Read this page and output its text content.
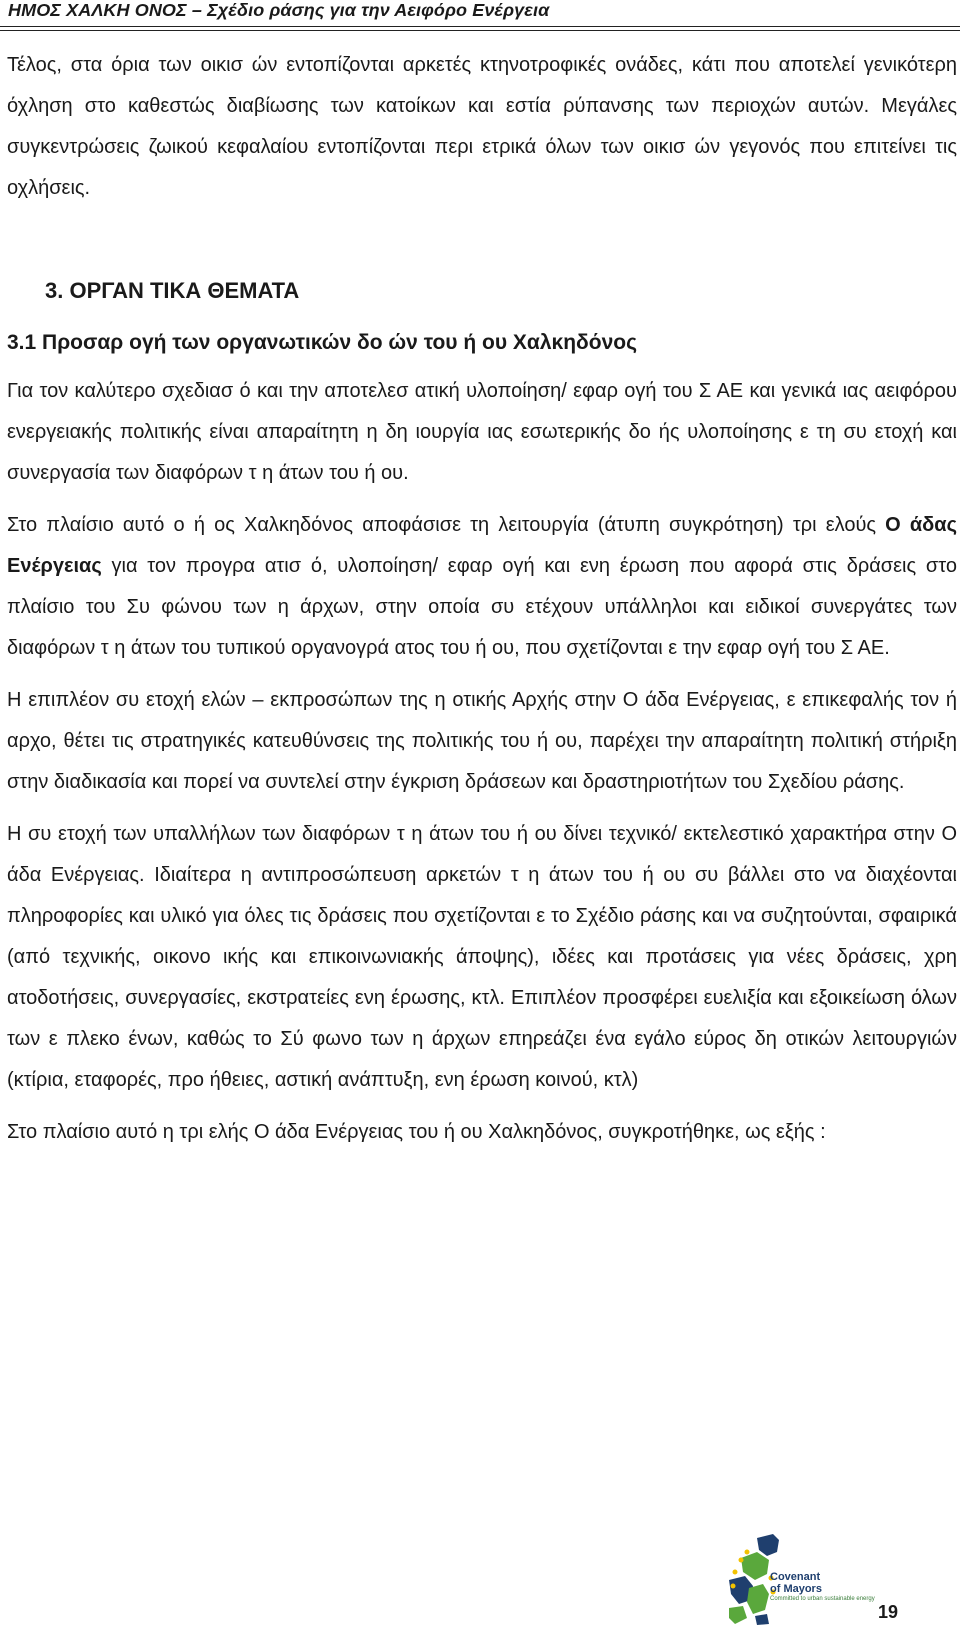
ΗΜΟΣ ΧΑΛΚΗ ΟΝΟΣ – Σχέδιο ράσης για την Αειφόρο Ενέργεια

Τέλος, στα όρια των οικισ ών εντοπίζονται αρκετές κτηνοτροφικές ονάδες, κάτι που αποτελεί γενικότερη όχληση στο καθεστώς διαβίωσης των κατοίκων και εστία ρύπανσης των περιοχών αυτών. Μεγάλες συγκεντρώσεις ζωικού κεφαλαίου εντοπίζονται περι ετρικά όλων των οικισ ών γεγονός που επιτείνει τις οχλήσεις.

3. ΟΡΓΑΝ ΤΙΚΑ ΘΕΜΑΤΑ
3.1 Προσαρ ογή των οργανωτικών δο ών του ή ου Χαλκηδόνος

Για τον καλύτερο σχεδιασ ό και την αποτελεσ ατική υλοποίηση/ εφαρ ογή του Σ ΑΕ και γενικά ιας αειφόρου ενεργειακής πολιτικής είναι απαραίτητη η δη ιουργία ιας εσωτερικής δο ής υλοποίησης ε τη συ ετοχή και συνεργασία των διαφόρων τ η άτων του ή ου.

Στο πλαίσιο αυτό ο ή ος Χαλκηδόνος αποφάσισε τη λειτουργία (άτυπη συγκρότηση) τρι ελούς Ο άδας Ενέργειας για τον προγρα ατισ ό, υλοποίηση/ εφαρ ογή και ενη έρωση που αφορά στις δράσεις στο πλαίσιο του Συ φώνου των η άρχων, στην οποία συ ετέχουν υπάλληλοι και ειδικοί συνεργάτες των διαφόρων τ η άτων του τυπικού οργανογρά ατος του ή ου, που σχετίζονται ε την εφαρ ογή του Σ ΑΕ.

Η επιπλέον συ ετοχή ελών – εκπροσώπων της η οτικής Αρχής στην Ο άδα Ενέργειας, ε επικεφαλής τον ή αρχο, θέτει τις στρατηγικές κατευθύνσεις της πολιτικής του ή ου, παρέχει την απαραίτητη πολιτική στήριξη στην διαδικασία και πορεί να συντελεί στην έγκριση δράσεων και δραστηριοτήτων του Σχεδίου ράσης.

Η συ ετοχή των υπαλλήλων των διαφόρων τ η άτων του ή ου δίνει τεχνικό/ εκτελεστικό χαρακτήρα στην Ο άδα Ενέργειας. Ιδιαίτερα η αντιπροσώπευση αρκετών τ η άτων του ή ου συ βάλλει στο να διαχέονται πληροφορίες και υλικό για όλες τις δράσεις που σχετίζονται ε το Σχέδιο ράσης και να συζητούνται, σφαιρικά (από τεχνικής, οικονο ικής και επικοινωνιακής άποψης), ιδέες και προτάσεις για νέες δράσεις, χρη ατοδοτήσεις, συνεργασίες, εκστρατείες ενη έρωσης, κτλ. Επιπλέον προσφέρει ευελιξία και εξοικείωση όλων των ε πλεκο ένων, καθώς το Σύ φωνο των η άρχων επηρεάζει ένα εγάλο εύρος δη οτικών λειτουργιών (κτίρια, εταφορές, προ ήθειες, αστική ανάπτυξη, ενη έρωση κοινού, κτλ)

Στο πλαίσιο αυτό η τρι ελής Ο άδα Ενέργειας του ή ου Χαλκηδόνος, συγκροτήθηκε, ως εξής :

Covenant
of Mayors
Committed to urban sustainable energy
19
